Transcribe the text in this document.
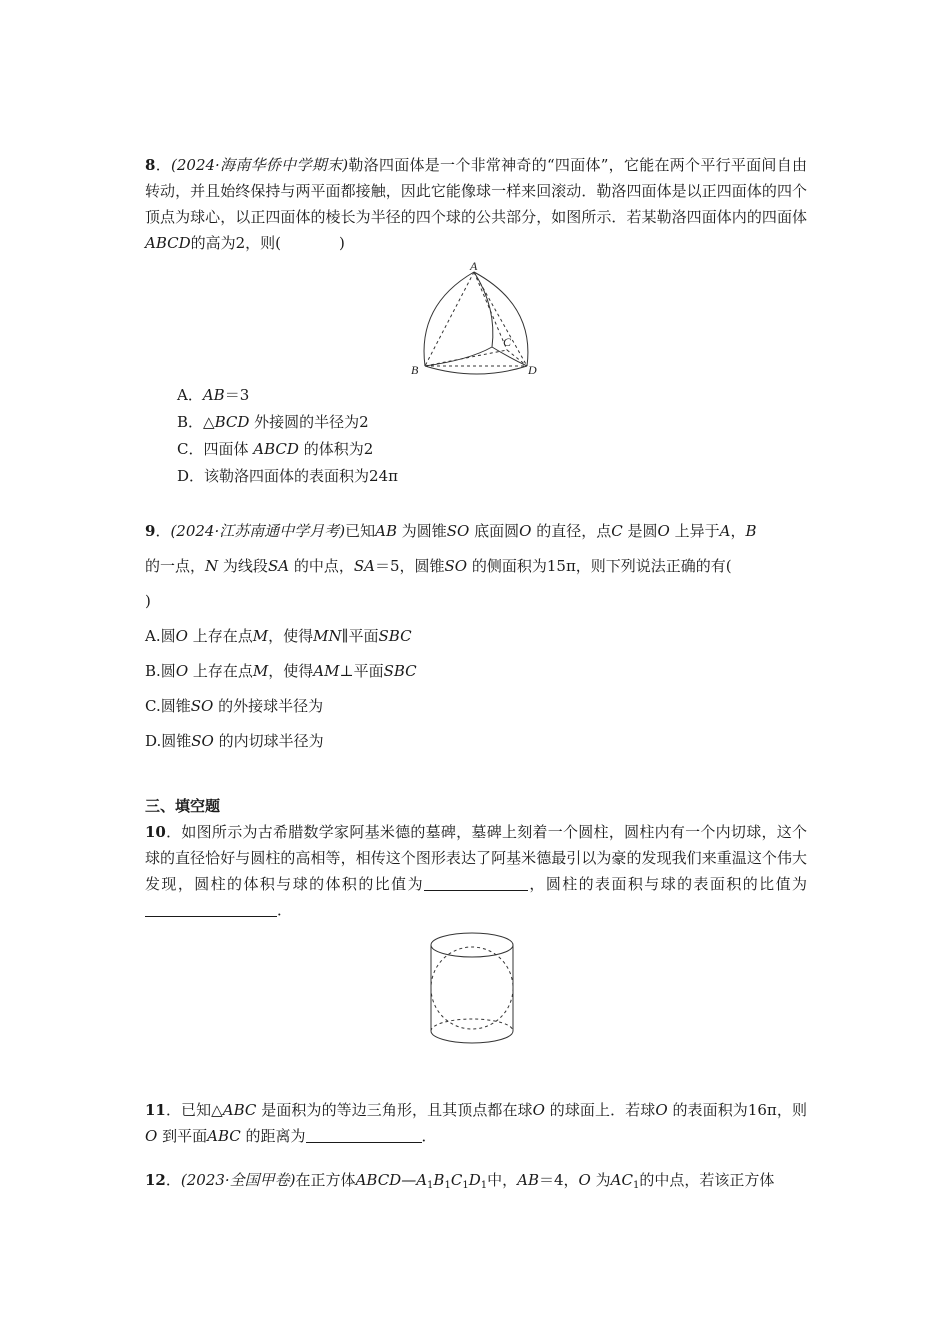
8．(2024·海南华侨中学期末)勒洛四面体是一个非常神奇的“四面体”，它能在两个平行平面间自由转动，并且始终保持与两平面都接触，因此它能像球一样来回滚动．勒洛四面体是以正四面体的四个顶点为球心，以正四面体的棱长为半径的四个球的公共部分，如图所示．若某勒洛四面体内的四面体ABCD的高为2，则(	)
A
B
C
D
A．AB＝3
B．△BCD 外接圆的半径为2
C．四面体 ABCD 的体积为2
D．该勒洛四面体的表面积为24π
9．(2024·江苏南通中学月考)已知AB 为圆锥SO 底面圆O 的直径，点C 是圆O 上异于A，B
的一点，N 为线段SA 的中点，SA＝5，圆锥SO 的侧面积为15π，则下列说法正确的有(
)
A.圆O 上存在点M，使得MN∥平面SBC
B.圆O 上存在点M，使得AM⊥平面SBC
C.圆锥SO 的外接球半径为
D.圆锥SO 的内切球半径为
三、填空题
10．如图所示为古希腊数学家阿基米德的墓碑，墓碑上刻着一个圆柱，圆柱内有一个内切球，这个球的直径恰好与圆柱的高相等，相传这个图形表达了阿基米德最引以为豪的发现我们来重温这个伟大发现，圆柱的体积与球的体积的比值为	，圆柱的表面积与球的表面积的比值为．
11．已知△ABC 是面积为的等边三角形，且其顶点都在球O 的球面上．若球O 的表面积为16π，则O 到平面ABC 的距离为	．
12．(2023·全国甲卷)在正方体$ABCD—A_1B_1C_1D_1$中，AB＝4，O 为$AC_1$的中点，若该正方体
